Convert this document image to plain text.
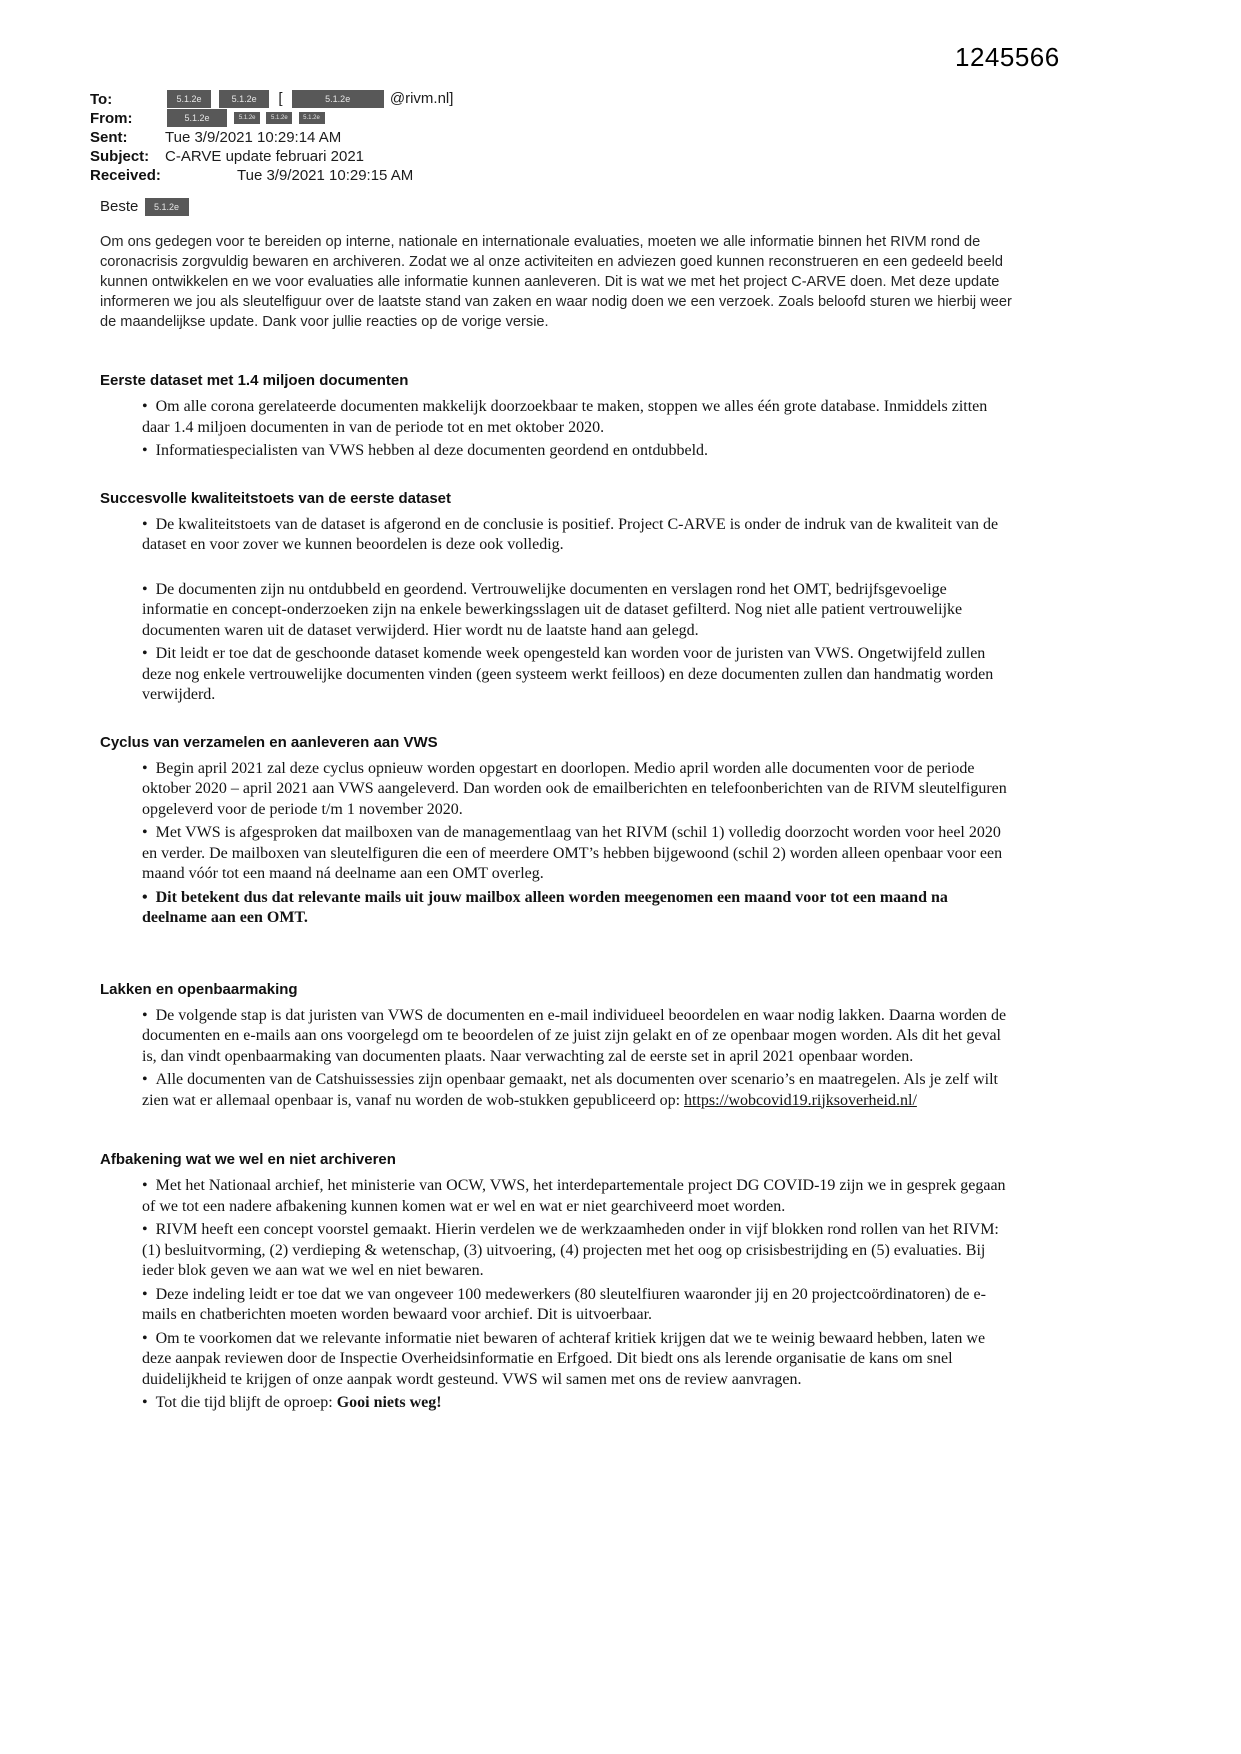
1245566
To:	5.1.2e	5.1.2e [	5.1.2e	@rivm.nl]
From:	5.1.2e	5.1.2e	5.1.2e	5.1.2e
Sent:	Tue 3/9/2021 10:29:14 AM
Subject:	C-ARVE update februari 2021
Received:	Tue 3/9/2021 10:29:15 AM
Beste 5.1.2e

Om ons gedegen voor te bereiden op interne, nationale en internationale evaluaties, moeten we alle informatie binnen het RIVM rond de coronacrisis zorgvuldig bewaren en archiveren. Zodat we al onze activiteiten en adviezen goed kunnen reconstrueren en een gedeeld beeld kunnen ontwikkelen en we voor evaluaties alle informatie kunnen aanleveren. Dit is wat we met het project C-ARVE doen. Met deze update informeren we jou als sleutelfiguur over de laatste stand van zaken en waar nodig doen we een verzoek. Zoals beloofd sturen we hierbij weer de maandelijkse update. Dank voor jullie reacties op de vorige versie.

Eerste dataset met 1.4 miljoen documenten
•  Om alle corona gerelateerde documenten makkelijk doorzoekbaar te maken, stoppen we alles één grote database. Inmiddels zitten daar 1.4 miljoen documenten in van de periode tot en met oktober 2020.
•  Informatiespecialisten van VWS hebben al deze documenten geordend en ontdubbeld.
Succesvolle kwaliteitstoets van de eerste dataset
•  De kwaliteitstoets van de dataset is afgerond en de conclusie is positief. Project C-ARVE is onder de indruk van de kwaliteit van de dataset en voor zover we kunnen beoordelen is deze ook volledig.
•  De documenten zijn nu ontdubbeld en geordend. Vertrouwelijke documenten en verslagen rond het OMT, bedrijfsgevoelige informatie en concept-onderzoeken zijn na enkele bewerkingsslagen uit de dataset gefilterd. Nog niet alle patient vertrouwelijke documenten waren uit de dataset verwijderd. Hier wordt nu de laatste hand aan gelegd.
•  Dit leidt er toe dat de geschoonde dataset komende week opengesteld kan worden voor de juristen van VWS. Ongetwijfeld zullen deze nog enkele vertrouwelijke documenten vinden (geen systeem werkt feilloos) en deze documenten zullen dan handmatig worden verwijderd.
Cyclus van verzamelen en aanleveren aan VWS
•  Begin april 2021 zal deze cyclus opnieuw worden opgestart en doorlopen. Medio april worden alle documenten voor de periode oktober 2020 – april 2021 aan VWS aangeleverd. Dan worden ook de emailberichten en telefoonberichten van de RIVM sleutelfiguren opgeleverd voor de periode t/m 1 november 2020.
•  Met VWS is afgesproken dat mailboxen van de managementlaag van het RIVM (schil 1) volledig doorzocht worden voor heel 2020 en verder. De mailboxen van sleutelfiguren die een of meerdere OMT’s hebben bijgewoond (schil 2) worden alleen openbaar voor een maand vóór tot een maand ná deelname aan een OMT overleg.
•  Dit betekent dus dat relevante mails uit jouw mailbox alleen worden meegenomen een maand voor tot een maand na deelname aan een OMT.
Lakken en openbaarmaking
•  De volgende stap is dat juristen van VWS de documenten en e-mail individueel beoordelen en waar nodig lakken. Daarna worden de documenten en e-mails aan ons voorgelegd om te beoordelen of ze juist zijn gelakt en of ze openbaar mogen worden. Als dit het geval is, dan vindt openbaarmaking van documenten plaats. Naar verwachting zal de eerste set in april 2021 openbaar worden.
•  Alle documenten van de Catshuissessies zijn openbaar gemaakt, net als documenten over scenario’s en maatregelen. Als je zelf wilt zien wat er allemaal openbaar is, vanaf nu worden de wob-stukken gepubliceerd op: https://wobcovid19.rijksoverheid.nl/
Afbakening wat we wel en niet archiveren
•  Met het Nationaal archief, het ministerie van OCW, VWS, het interdepartementale project DG COVID-19 zijn we in gesprek gegaan of we tot een nadere afbakening kunnen komen wat er wel en wat er niet gearchiveerd moet worden.
•  RIVM heeft een concept voorstel gemaakt. Hierin verdelen we de werkzaamheden onder in vijf blokken rond rollen van het RIVM: (1) besluitvorming, (2) verdieping & wetenschap, (3) uitvoering, (4) projecten met het oog op crisisbestrijding en (5) evaluaties. Bij ieder blok geven we aan wat we wel en niet bewaren.
•  Deze indeling leidt er toe dat we van ongeveer 100 medewerkers (80 sleutelfiuren waaronder jij en 20 projectcoördinatoren) de e-mails en chatberichten moeten worden bewaard voor archief. Dit is uitvoerbaar.
•  Om te voorkomen dat we relevante informatie niet bewaren of achteraf kritiek krijgen dat we te weinig bewaard hebben, laten we deze aanpak reviewen door de Inspectie Overheidsinformatie en Erfgoed. Dit biedt ons als lerende organisatie de kans om snel duidelijkheid te krijgen of onze aanpak wordt gesteund. VWS wil samen met ons de review aanvragen.
•  Tot die tijd blijft de oproep: Gooi niets weg!
